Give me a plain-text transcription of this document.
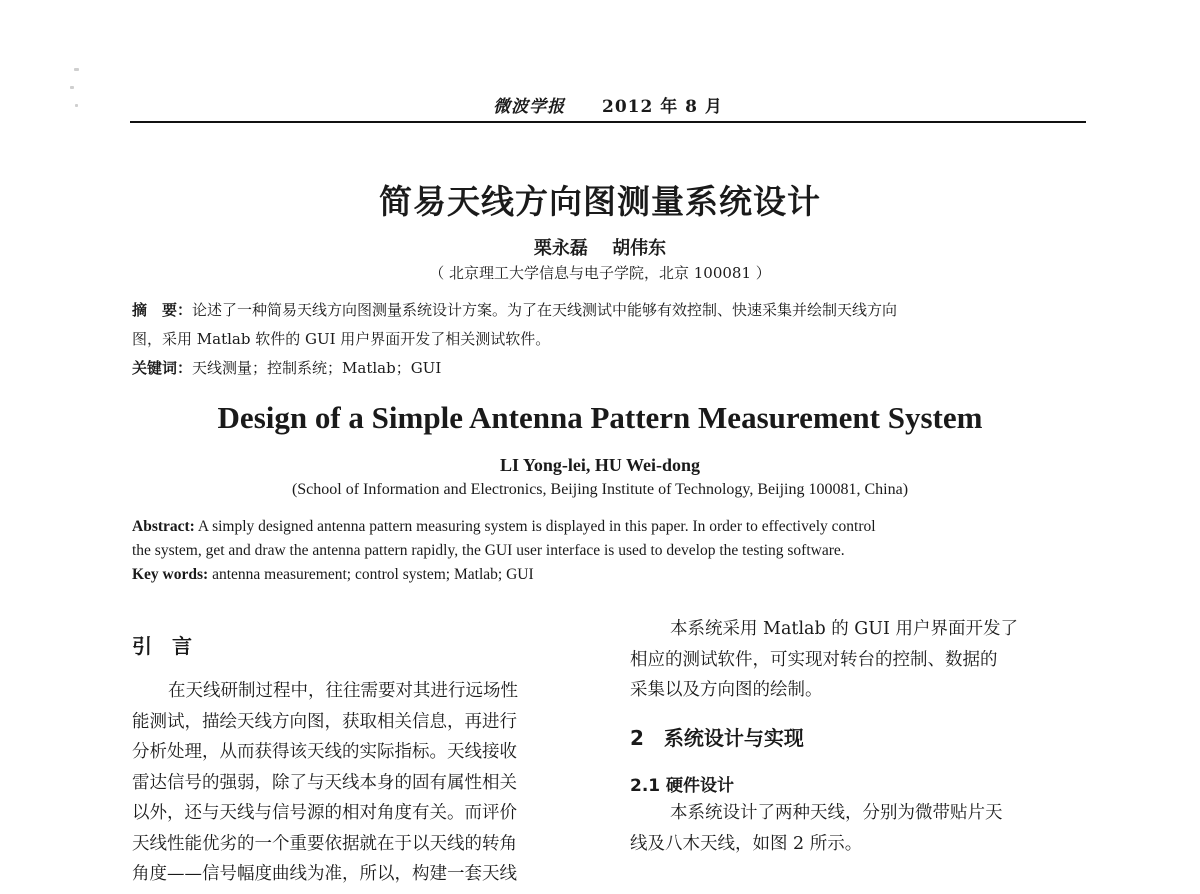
微波学报 2012 年 8 月
简易天线方向图测量系统设计
栗永磊 胡伟东
（ 北京理工大学信息与电子学院，北京 100081 ）
摘　要：论述了一种简易天线方向图测量系统设计方案。为了在天线测试中能够有效控制、快速采集并绘制天线方向
图，采用 Matlab 软件的 GUI 用户界面开发了相关测试软件。
关键词：天线测量；控制系统；Matlab；GUI
Design of a Simple Antenna Pattern Measurement System
LI Yong-lei, HU Wei-dong
(School of Information and Electronics, Beijing Institute of Technology, Beijing 100081, China)
Abstract: A simply designed antenna pattern measuring system is displayed in this paper. In order to effectively control
the system, get and draw the antenna pattern rapidly, the GUI user interface is used to develop the testing software.
Key words: antenna measurement; control system; Matlab; GUI
引　言
在天线研制过程中，往往需要对其进行远场性
能测试，描绘天线方向图，获取相关信息，再进行
分析处理，从而获得该天线的实际指标。天线接收
雷达信号的强弱，除了与天线本身的固有属性相关
以外，还与天线与信号源的相对角度有关。而评价
天线性能优劣的一个重要依据就在于以天线的转角
角度——信号幅度曲线为准，所以，构建一套天线
本系统采用 Matlab 的 GUI 用户界面开发了
相应的测试软件，可实现对转台的控制、数据的
采集以及方向图的绘制。
2　系统设计与实现
2.1 硬件设计
本系统设计了两种天线，分别为微带贴片天
线及八木天线，如图 2 所示。
